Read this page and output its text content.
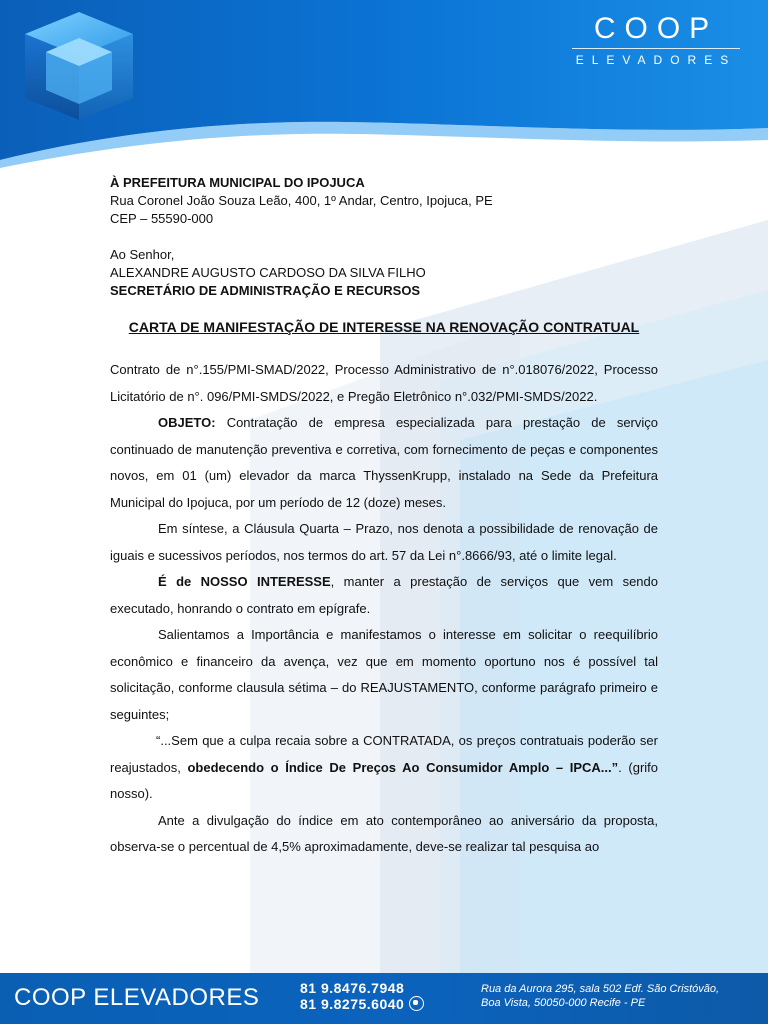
COOP
ELEVADORES

À PREFEITURA MUNICIPAL DO IPOJUCA

Rua Coronel João Souza Leão, 400, 1º Andar, Centro, Ipojuca, PE

CEP – 55590-000

Ao Senhor,

ALEXANDRE AUGUSTO CARDOSO DA SILVA FILHO

SECRETÁRIO DE ADMINISTRAÇÃO E RECURSOS

CARTA DE MANIFESTAÇÃO DE INTERESSE NA RENOVAÇÃO CONTRATUAL

Contrato de n°.155/PMI-SMAD/2022, Processo Administrativo de n°.018076/2022, Processo Licitatório de n°. 096/PMI-SMDS/2022, e Pregão Eletrônico n°.032/PMI-SMDS/2022.

OBJETO: Contratação de empresa especializada para prestação de serviço continuado de manutenção preventiva e corretiva, com fornecimento de peças e componentes novos, em 01 (um) elevador da marca ThyssenKrupp, instalado na Sede da Prefeitura Municipal do Ipojuca, por um período de 12 (doze) meses.

Em síntese, a Cláusula Quarta – Prazo, nos denota a possibilidade de renovação de iguais e sucessivos períodos, nos termos do art. 57 da Lei n°.8666/93, até o limite legal.

É de NOSSO INTERESSE, manter a prestação de serviços que vem sendo executado, honrando o contrato em epígrafe.

Salientamos a Importância e manifestamos o interesse em solicitar o reequilíbrio econômico e financeiro da avença, vez que em momento oportuno nos é possível tal solicitação, conforme clausula sétima – do REAJUSTAMENTO, conforme parágrafo primeiro e seguintes;

“...Sem que a culpa recaia sobre a CONTRATADA, os preços contratuais poderão ser reajustados, obedecendo o Índice De Preços Ao Consumidor Amplo – IPCA...”. (grifo nosso).

Ante a divulgação do índice em ato contemporâneo ao aniversário da proposta, observa-se o percentual de 4,5% aproximadamente, deve-se realizar tal pesquisa ao

COOP ELEVADORES	81 9.8476.7948
81 9.8275.6040
Rua da Aurora 295, sala 502 Edf. São Cristóvão,
Boa Vista, 50050-000 Recife - PE
